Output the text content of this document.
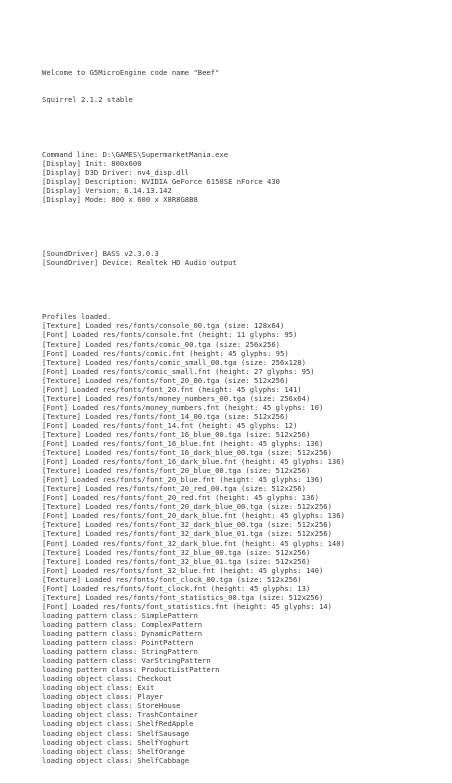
Welcome to G5MicroEngine code name "Beef"

Squirrel 2.1.2 stable

Command line: D:\GAMES\SupermarketMania.exe
[Display] Init: 800x600
[Display] D3D Driver: nv4_disp.dll
[Display] Description: NVIDIA GeForce 6150SE nForce 430
[Display] Version: 6.14.13.142
[Display] Mode: 800 x 600 x X8R8G8B8

[SoundDriver] BASS v2.3.0.3
[SoundDriver] Device: Realtek HD Audio output

Profiles loaded.
[Texture] Loaded res/fonts/console_00.tga (size: 128x64)
[Font] Loaded res/fonts/console.fnt (height: 11 glyphs: 95)
[Texture] Loaded res/fonts/comic_00.tga (size: 256x256)
[Font] Loaded res/fonts/comic.fnt (height: 45 glyphs: 95)
[Texture] Loaded res/fonts/comic_small_00.tga (size: 256x128)
[Font] Loaded res/fonts/comic_small.fnt (height: 27 glyphs: 95)
[Texture] Loaded res/fonts/font_20_00.tga (size: 512x256)
[Font] Loaded res/fonts/font_20.fnt (height: 45 glyphs: 141)
[Texture] Loaded res/fonts/money_numbers_00.tga (size: 256x64)
[Font] Loaded res/fonts/money_numbers.fnt (height: 45 glyphs: 10)
[Texture] Loaded res/fonts/font_14_00.tga (size: 512x256)
[Font] Loaded res/fonts/font_14.fnt (height: 45 glyphs: 12)
[Texture] Loaded res/fonts/font_16_blue_00.tga (size: 512x256)
[Font] Loaded res/fonts/font_16_blue.fnt (height: 45 glyphs: 136)
[Texture] Loaded res/fonts/font_16_dark_blue_00.tga (size: 512x256)
[Font] Loaded res/fonts/font_16_dark_blue.fnt (height: 45 glyphs: 136)
[Texture] Loaded res/fonts/font_20_blue_00.tga (size: 512x256)
[Font] Loaded res/fonts/font_20_blue.fnt (height: 45 glyphs: 136)
[Texture] Loaded res/fonts/font_20_red_00.tga (size: 512x256)
[Font] Loaded res/fonts/font_20_red.fnt (height: 45 glyphs: 136)
[Texture] Loaded res/fonts/font_20_dark_blue_00.tga (size: 512x256)
[Font] Loaded res/fonts/font_20_dark_blue.fnt (height: 45 glyphs: 136)
[Texture] Loaded res/fonts/font_32_dark_blue_00.tga (size: 512x256)
[Texture] Loaded res/fonts/font_32_dark_blue_01.tga (size: 512x256)
[Font] Loaded res/fonts/font_32_dark_blue.fnt (height: 45 glyphs: 140)
[Texture] Loaded res/fonts/font_32_blue_00.tga (size: 512x256)
[Texture] Loaded res/fonts/font_32_blue_01.tga (size: 512x256)
[Font] Loaded res/fonts/font_32_blue.fnt (height: 45 glyphs: 140)
[Texture] Loaded res/fonts/font_clock_00.tga (size: 512x256)
[Font] Loaded res/fonts/font_clock.fnt (height: 45 glyphs: 13)
[Texture] Loaded res/fonts/font_statistics_00.tga (size: 512x256)
[Font] Loaded res/fonts/font_statistics.fnt (height: 45 glyphs: 14)
loading pattern class: SimplePattern
loading pattern class: ComplexPattern
loading pattern class: DynamicPattern
loading pattern class: PointPattern
loading pattern class: StringPattern
loading pattern class: VarStringPattern
loading pattern class: ProductListPattern
loading object class: Checkout
loading object class: Exit
loading object class: Player
loading object class: StoreHouse
loading object class: TrashContainer
loading object class: ShelfRedApple
loading object class: ShelfSausage
loading object class: ShelfYoghurt
loading object class: ShelfOrange
loading object class: ShelfCabbage
